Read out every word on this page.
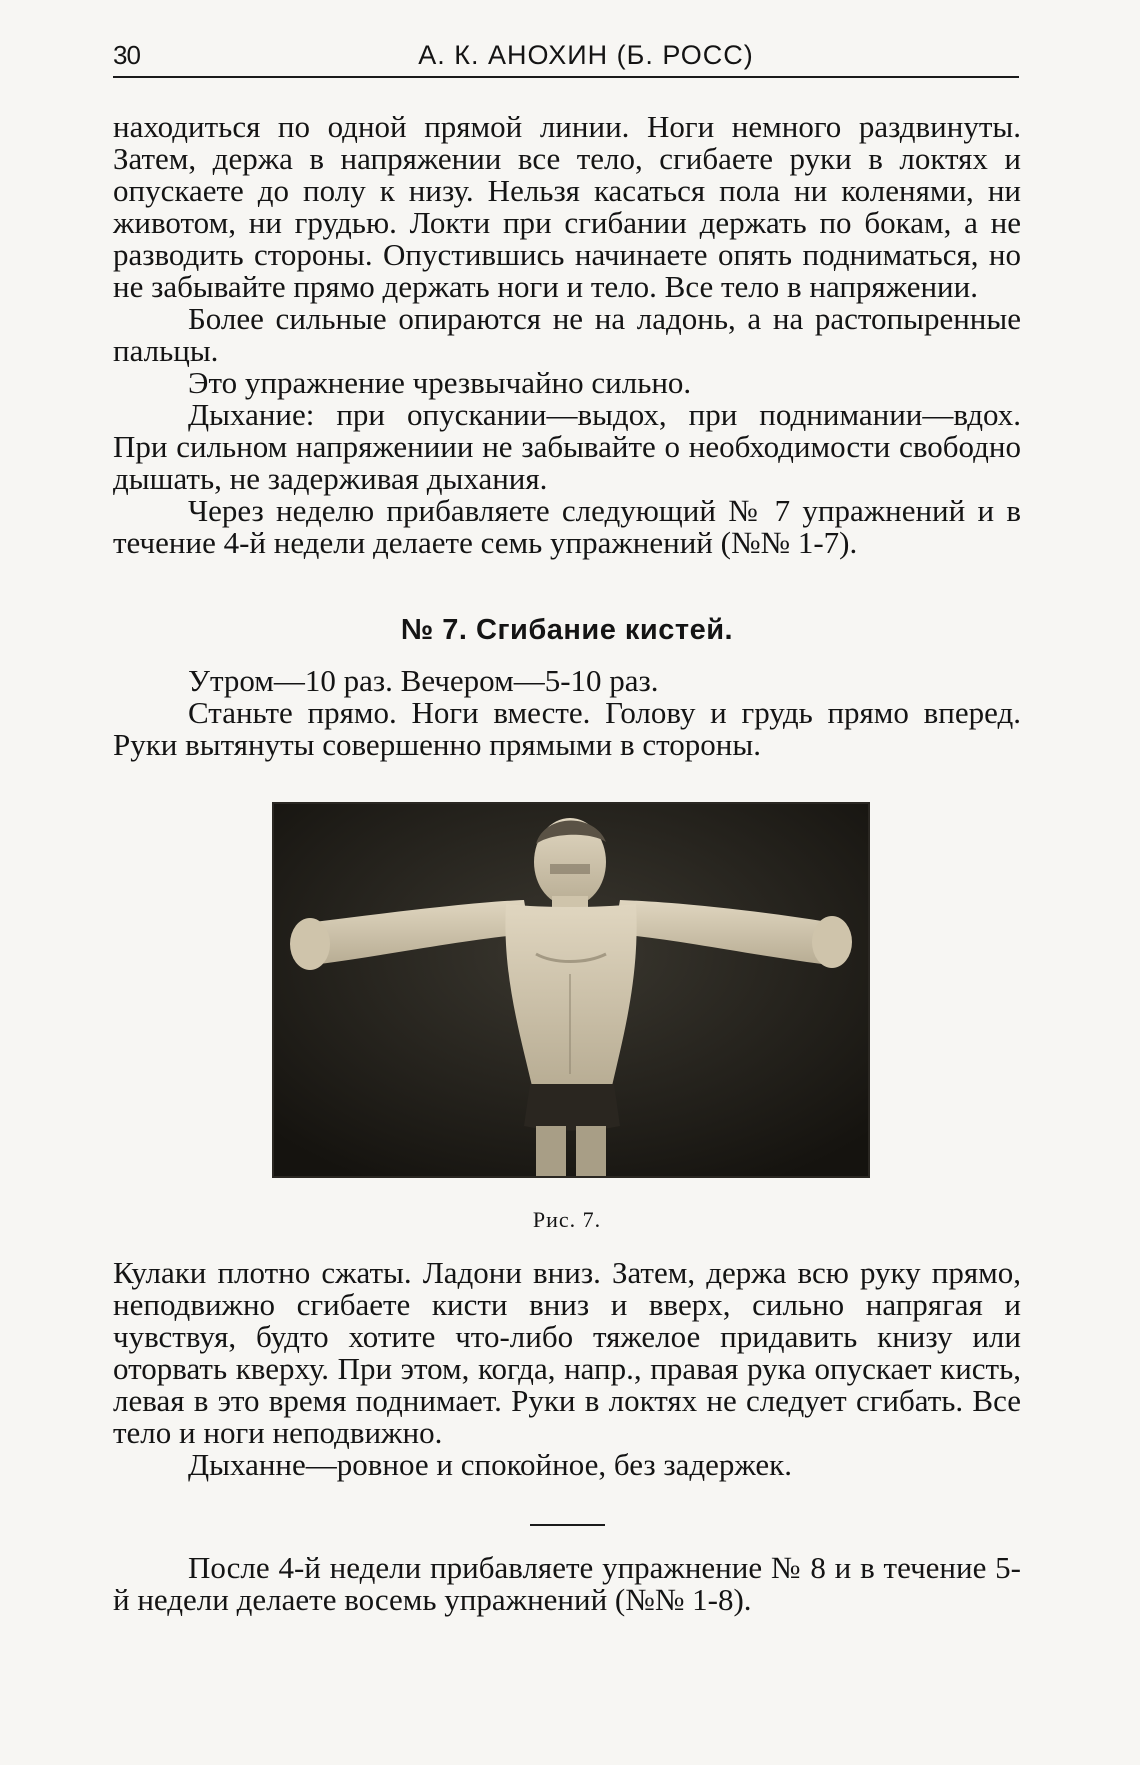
30	А. К. АНОХИН (Б. РОСС)

находиться по одной прямой линии. Ноги немного раздвинуты. Затем, держа в напряжении все тело, сгибаете руки в локтях и опускаете до полу к низу. Нельзя касаться пола ни коленями, ни животом, ни грудью. Локти при сгибании держать по бокам, а не разводить стороны. Опустившись начинаете опять подниматься, но не забывайте прямо держать ноги и тело. Все тело в напряжении.

Более сильные опираются не на ладонь, а на растопыренные пальцы.

Это упражнение чрезвычайно сильно.

Дыхание: при опускании—выдох, при поднимании—вдох. При сильном напряжениии не забывайте о необходимости свободно дышать, не задерживая дыхания.

Через неделю прибавляете следующий № 7 упражнений и в течение 4-й недели делаете семь упражнений (№№ 1-7).

№ 7. Сгибание кистей.

Утром—10 раз. Вечером—5-10 раз.

Станьте прямо. Ноги вместе. Голову и грудь прямо вперед. Руки вытянуты совершенно прямыми в стороны.

Рис. 7.

Кулаки плотно сжаты. Ладони вниз. Затем, держа всю руку прямо, неподвижно сгибаете кисти вниз и вверх, сильно напрягая и чувствуя, будто хотите что-либо тяжелое придавить книзу или оторвать кверху. При этом, когда, напр., правая рука опускает кисть, левая в это время поднимает. Руки в локтях не следует сгибать. Все тело и ноги неподвижно.

Дыханне—ровное и спокойное, без задержек.

После 4-й недели прибавляете упражнение № 8 и в течение 5-й недели делаете восемь упражнений (№№ 1-8).
